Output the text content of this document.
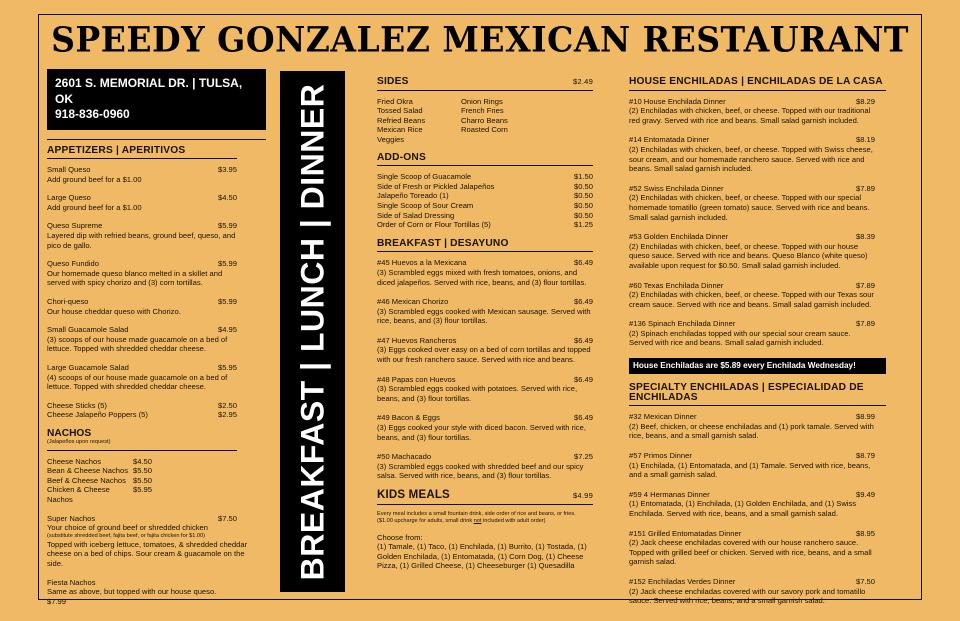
SPEEDY GONZALEZ MEXICAN RESTAURANT
2601 S. MEMORIAL DR. | TULSA, OK
918-836-0960
APPETIZERS | APERITIVOS
Small Queso	$3.95
Add ground beef for a $1.00
Large Queso	$4.50
Add ground beef for a $1.00
Queso Supreme	$5.99
Layered dip with refried beans, ground beef, queso, and pico de gallo.
Queso Fundido	$5.99
Our homemade queso blanco melted in a skillet and served with spicy chorizo and (3) corn tortillas.
Chori-queso	$5.99
Our house cheddar queso with Chorizo.
Small Guacamole Salad	$4.95
(3) scoops of our house made guacamole on a bed of lettuce. Topped with shredded cheddar cheese.
Large Guacamole Salad	$5.95
(4) scoops of our house made guacamole on a bed of lettuce. Topped with shredded cheddar cheese.
Cheese Sticks (5)	$2.50
Cheese Jalapeño Poppers (5)	$2.95
NACHOS
(Jalapeños upon request)
Cheese Nachos	$4.50
Bean & Cheese Nachos $5.50
Beef & Cheese Nachos $5.50
Chicken & Cheese Nachos
$5.95
Super Nachos	$7.50
Your choice of ground beef or shredded chicken
(substitute shredded beef, fajita beef, or fajita chicken for $1.00)
Topped with iceberg lettuce, tomatoes, & shredded cheddar cheese on a bed of chips. Sour cream & guacamole on the side.
Fiesta Nachos
Same as above, but topped with our house queso. $7.99
BREAKFAST | LUNCH | DINNER
SIDES	$2.49
Fried Okra
Tossed Salad
Refried Beans
Mexican Rice
Veggies
Onion Rings
French Fries
Charro Beans
Roasted Corn
ADD-ONS
Single Scoop of Guacamole	$1.50
Side of Fresh or Pickled Jalapeños	$0.50
Jalapeño Toreado (1)	$0.50
Single Scoop of Sour Cream	$0.50
Side of Salad Dressing	$0.50
Order of Corn or Flour Tortillas (5)	$1.25
BREAKFAST | DESAYUNO
#45 Huevos a la Mexicana	$6.49
(3) Scrambled eggs mixed with fresh tomatoes, onions, and diced jalapeños. Served with rice, beans, and (3) flour tortillas.
#46 Mexican Chorizo	$6.49
(3) Scrambled eggs cooked with Mexican sausage. Served with rice, beans, and (3) flour tortillas.
#47 Huevos Rancheros	$6.49
(3) Eggs cooked over easy on a bed of corn tortillas and topped with our fresh ranchero sauce. Served with rice and beans.
#48 Papas con Huevos	$6.49
(3) Scrambled eggs cooked with potatoes. Served with rice, beans, and (3) flour tortillas.
#49 Bacon & Eggs	$6.49
(3) Eggs cooked your style with diced bacon. Served with rice, beans, and (3) flour tortillas.
#50 Machacado	$7.25
(3) Scrambled eggs cooked with shredded beef and our spicy salsa. Served with rice, beans, and (3) flour tortillas.
KIDS MEALS	$4.99
Every meal includes a small fountain drink, side order of rice and beans, or fries.
($1.00 upcharge for adults, small drink not included with adult order)
Choose from:
(1) Tamale, (1) Taco, (1) Enchilada, (1) Burrito, (1) Tostada, (1) Golden Enchilada, (1) Entomatada, (1) Corn Dog, (1) Cheese Pizza, (1) Grilled Cheese, (1) Cheeseburger (1) Quesadilla
HOUSE ENCHILADAS | ENCHILADAS DE LA CASA
#10 House Enchilada Dinner	$8.29
(2) Enchiladas with chicken, beef, or cheese. Topped with our traditional red gravy. Served with rice and beans. Small salad garnish included.
#14 Entomatada Dinner	$8.19
(2) Enchiladas with chicken, beef, or cheese. Topped with Swiss cheese, sour cream, and our homemade ranchero sauce. Served with rice and beans. Small salad garnish included.
#52 Swiss Enchilada Dinner	$7.89
(2) Enchiladas with chicken, beef, or cheese. Topped with our special homemade tomatillo (green tomato) sauce. Served with rice and beans. Small salad garnish included.
#53 Golden Enchilada Dinner	$8.39
(2) Enchiladas with chicken, beef, or cheese. Topped with our house queso sauce. Served with rice and beans. Queso Blanco (white queso) available upon request for $0.50. Small salad garnish included.
#60 Texas Enchilada Dinner	$7.89
(2) Enchiladas with chicken, beef, or cheese. Topped with our Texas sour cream sauce. Served with rice and beans. Small salad garnish included.
#136 Spinach Enchilada Dinner	$7.89
(2) Spinach enchiladas topped with our special sour cream sauce. Served with rice and beans. Small salad garnish included.
House Enchiladas are $5.89 every Enchilada Wednesday!
SPECIALTY ENCHILADAS | ESPECIALIDAD DE ENCHILADAS
#32 Mexican Dinner	$8.99
(2) Beef, chicken, or cheese enchiladas and (1) pork tamale. Served with rice, beans, and a small garnish salad.
#57 Primos Dinner	$8.79
(1) Enchilada, (1) Entomatada, and (1) Tamale. Served with rice, beans, and a small garnish salad.
#59 4 Hermanas Dinner	$9.49
(1) Entomatada, (1) Enchilada, (1) Golden Enchilada, and (1) Swiss Enchilada. Served with rice, beans, and a small garnish salad.
#151 Grilled Entomatadas Dinner	$8.95
(2) Jack cheese enchiladas covered with our house ranchero sauce. Topped with grilled beef or chicken. Served with rice, beans, and a small garnish salad.
#152 Enchiladas Verdes Dinner	$7.50
(2) Jack cheese enchiladas covered with our savory pork and tomatillo sauce. Served with rice, beans, and a small garnish salad.
